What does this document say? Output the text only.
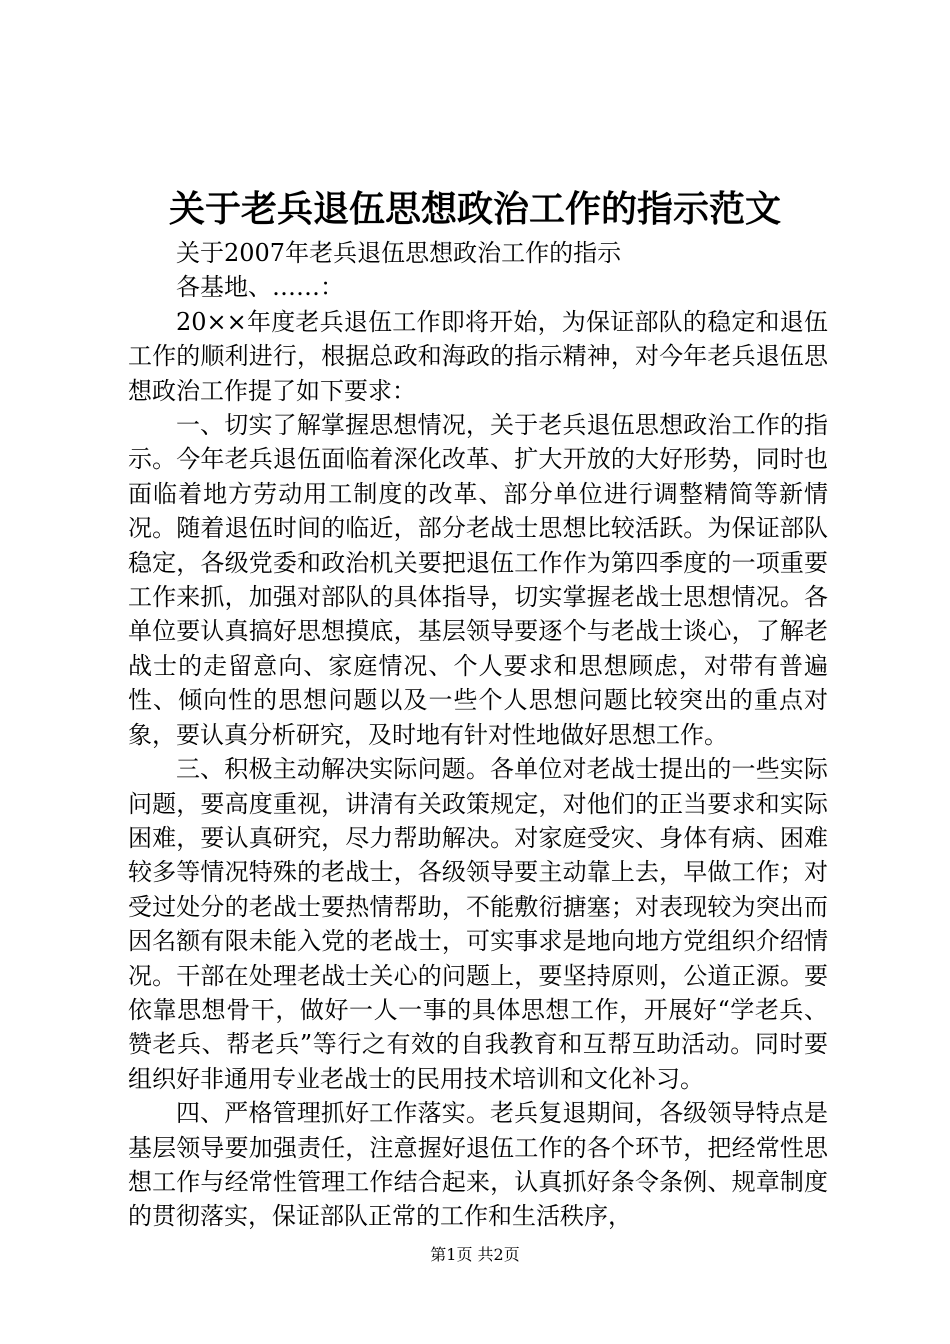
关于老兵退伍思想政治工作的指示范文

关于2007年老兵退伍思想政治工作的指示

各基地、……：

20××年度老兵退伍工作即将开始，为保证部队的稳定和退伍工作的顺利进行，根据总政和海政的指示精神，对今年老兵退伍思想政治工作提了如下要求：

一、切实了解掌握思想情况，关于老兵退伍思想政治工作的指示。今年老兵退伍面临着深化改革、扩大开放的大好形势，同时也面临着地方劳动用工制度的改革、部分单位进行调整精简等新情况。随着退伍时间的临近，部分老战士思想比较活跃。为保证部队稳定，各级党委和政治机关要把退伍工作作为第四季度的一项重要工作来抓，加强对部队的具体指导，切实掌握老战士思想情况。各单位要认真搞好思想摸底，基层领导要逐个与老战士谈心，了解老战士的走留意向、家庭情况、个人要求和思想顾虑，对带有普遍性、倾向性的思想问题以及一些个人思想问题比较突出的重点对象，要认真分析研究，及时地有针对性地做好思想工作。

三、积极主动解决实际问题。各单位对老战士提出的一些实际问题，要高度重视，讲清有关政策规定，对他们的正当要求和实际困难，要认真研究，尽力帮助解决。对家庭受灾、身体有病、困难较多等情况特殊的老战士，各级领导要主动靠上去，早做工作；对受过处分的老战士要热情帮助，不能敷衍搪塞；对表现较为突出而因名额有限未能入党的老战士，可实事求是地向地方党组织介绍情况。干部在处理老战士关心的问题上，要坚持原则，公道正源。要依靠思想骨干，做好一人一事的具体思想工作，开展好“学老兵、赞老兵、帮老兵”等行之有效的自我教育和互帮互助活动。同时要组织好非通用专业老战士的民用技术培训和文化补习。

四、严格管理抓好工作落实。老兵复退期间，各级领导特点是基层领导要加强责任，注意握好退伍工作的各个环节，把经常性思想工作与经常性管理工作结合起来，认真抓好条令条例、规章制度的贯彻落实，保证部队正常的工作和生活秩序，

第1页 共2页
